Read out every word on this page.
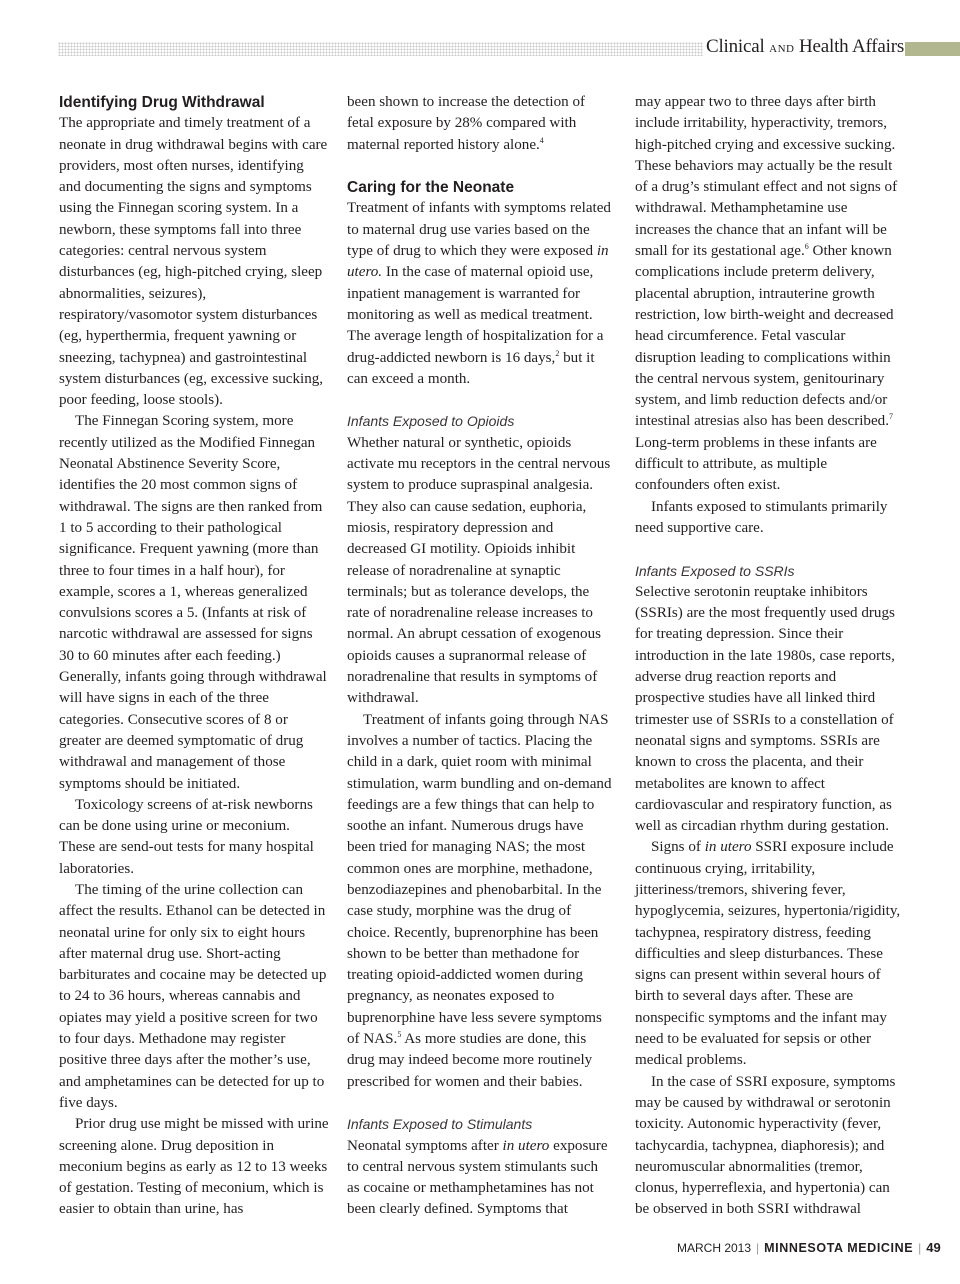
Clinical AND Health Affairs

Identifying Drug Withdrawal

The appropriate and timely treatment of a neonate in drug withdrawal begins with care providers, most often nurses, identifying and documenting the signs and symptoms using the Finnegan scoring system. In a newborn, these symptoms fall into three categories: central nervous system disturbances (eg, high-pitched crying, sleep abnormalities, seizures), respiratory/vasomotor system disturbances (eg, hyperthermia, frequent yawning or sneezing, tachypnea) and gastrointestinal system disturbances (eg, excessive sucking, poor feeding, loose stools).

The Finnegan Scoring system, more recently utilized as the Modified Finnegan Neonatal Abstinence Severity Score, identifies the 20 most common signs of withdrawal. The signs are then ranked from 1 to 5 according to their pathological significance. Frequent yawning (more than three to four times in a half hour), for example, scores a 1, whereas generalized convulsions scores a 5. (Infants at risk of narcotic withdrawal are assessed for signs 30 to 60 minutes after each feeding.) Generally, infants going through withdrawal will have signs in each of the three categories. Consecutive scores of 8 or greater are deemed symptomatic of drug withdrawal and management of those symptoms should be initiated.

Toxicology screens of at-risk newborns can be done using urine or meconium. These are send-out tests for many hospital laboratories.

The timing of the urine collection can affect the results. Ethanol can be detected in neonatal urine for only six to eight hours after maternal drug use. Short-acting barbiturates and cocaine may be detected up to 24 to 36 hours, whereas cannabis and opiates may yield a positive screen for two to four days. Methadone may register positive three days after the mother’s use, and amphetamines can be detected for up to five days.

Prior drug use might be missed with urine screening alone. Drug deposition in meconium begins as early as 12 to 13 weeks of gestation. Testing of meconium, which is easier to obtain than urine, has

been shown to increase the detection of fetal exposure by 28% compared with maternal reported history alone.$^4$

Caring for the Neonate

Treatment of infants with symptoms related to maternal drug use varies based on the type of drug to which they were exposed in utero. In the case of maternal opioid use, inpatient management is warranted for monitoring as well as medical treatment. The average length of hospitalization for a drug-addicted newborn is 16 days,$^2$ but it can exceed a month.

Infants Exposed to Opioids

Whether natural or synthetic, opioids activate mu receptors in the central nervous system to produce supraspinal analgesia. They also can cause sedation, euphoria, miosis, respiratory depression and decreased GI motility. Opioids inhibit release of noradrenaline at synaptic terminals; but as tolerance develops, the rate of noradrenaline release increases to normal. An abrupt cessation of exogenous opioids causes a supranormal release of noradrenaline that results in symptoms of withdrawal.

Treatment of infants going through NAS involves a number of tactics. Placing the child in a dark, quiet room with minimal stimulation, warm bundling and on-demand feedings are a few things that can help to soothe an infant. Numerous drugs have been tried for managing NAS; the most common ones are morphine, methadone, benzodiazepines and phenobarbital. In the case study, morphine was the drug of choice. Recently, buprenorphine has been shown to be better than methadone for treating opioid-addicted women during pregnancy, as neonates exposed to buprenorphine have less severe symptoms of NAS.$^5$ As more studies are done, this drug may indeed become more routinely prescribed for women and their babies.

Infants Exposed to Stimulants

Neonatal symptoms after in utero exposure to central nervous system stimulants such as cocaine or methamphetamines has not been clearly defined. Symptoms that

may appear two to three days after birth include irritability, hyperactivity, tremors, high-pitched crying and excessive sucking. These behaviors may actually be the result of a drug’s stimulant effect and not signs of withdrawal. Methamphetamine use increases the chance that an infant will be small for its gestational age.$^6$ Other known complications include preterm delivery, placental abruption, intrauterine growth restriction, low birth-weight and decreased head circumference. Fetal vascular disruption leading to complications within the central nervous system, genitourinary system, and limb reduction defects and/or intestinal atresias also has been described.$^7$ Long-term problems in these infants are difficult to attribute, as multiple confounders often exist.

Infants exposed to stimulants primarily need supportive care.

Infants Exposed to SSRIs

Selective serotonin reuptake inhibitors (SSRIs) are the most frequently used drugs for treating depression. Since their introduction in the late 1980s, case reports, adverse drug reaction reports and prospective studies have all linked third trimester use of SSRIs to a constellation of neonatal signs and symptoms. SSRIs are known to cross the placenta, and their metabolites are known to affect cardiovascular and respiratory function, as well as circadian rhythm during gestation.

Signs of in utero SSRI exposure include continuous crying, irritability, jitteriness/tremors, shivering fever, hypoglycemia, seizures, hypertonia/rigidity, tachypnea, respiratory distress, feeding difficulties and sleep disturbances. These signs can present within several hours of birth to several days after. These are nonspecific symptoms and the infant may need to be evaluated for sepsis or other medical problems.

In the case of SSRI exposure, symptoms may be caused by withdrawal or serotonin toxicity. Autonomic hyperactivity (fever, tachycardia, tachypnea, diaphoresis); and neuromuscular abnormalities (tremor, clonus, hyperreflexia, and hypertonia) can be observed in both SSRI withdrawal

MARCH 2013 | MINNESOTA MEDICINE | 49
